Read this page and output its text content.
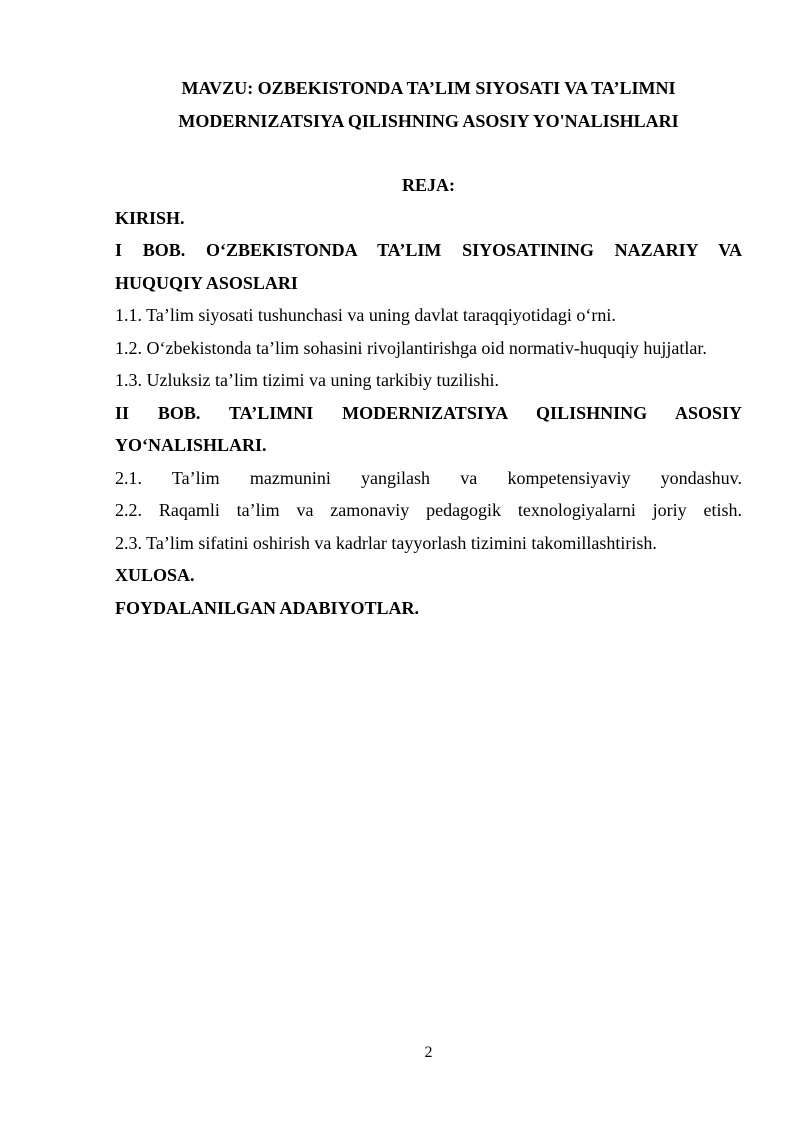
MAVZU: OZBEKISTONDA TA’LIM SIYOSATI VA TA’LIMNI
MODERNIZATSIYA QILISHNING ASOSIY YO'NALISHLARI

REJA:

KIRISH.

I BOB. O‘ZBEKISTONDA TA’LIM SIYOSATINING NAZARIY VA

HUQUQIY ASOSLARI

1.1. Ta’lim siyosati tushunchasi va uning davlat taraqqiyotidagi o‘rni.

1.2. O‘zbekistonda ta’lim sohasini rivojlantirishga oid normativ-huquqiy hujjatlar.

1.3. Uzluksiz ta’lim tizimi va uning tarkibiy tuzilishi.

II BOB. TA’LIMNI MODERNIZATSIYA QILISHNING ASOSIY

YO‘NALISHLARI.

2.1. Ta’lim mazmunini yangilash va kompetensiyaviy yondashuv.

2.2. Raqamli ta’lim va zamonaviy pedagogik texnologiyalarni joriy etish.

2.3. Ta’lim sifatini oshirish va kadrlar tayyorlash tizimini takomillashtirish.

XULOSA.

FOYDALANILGAN ADABIYOTLAR.

2
